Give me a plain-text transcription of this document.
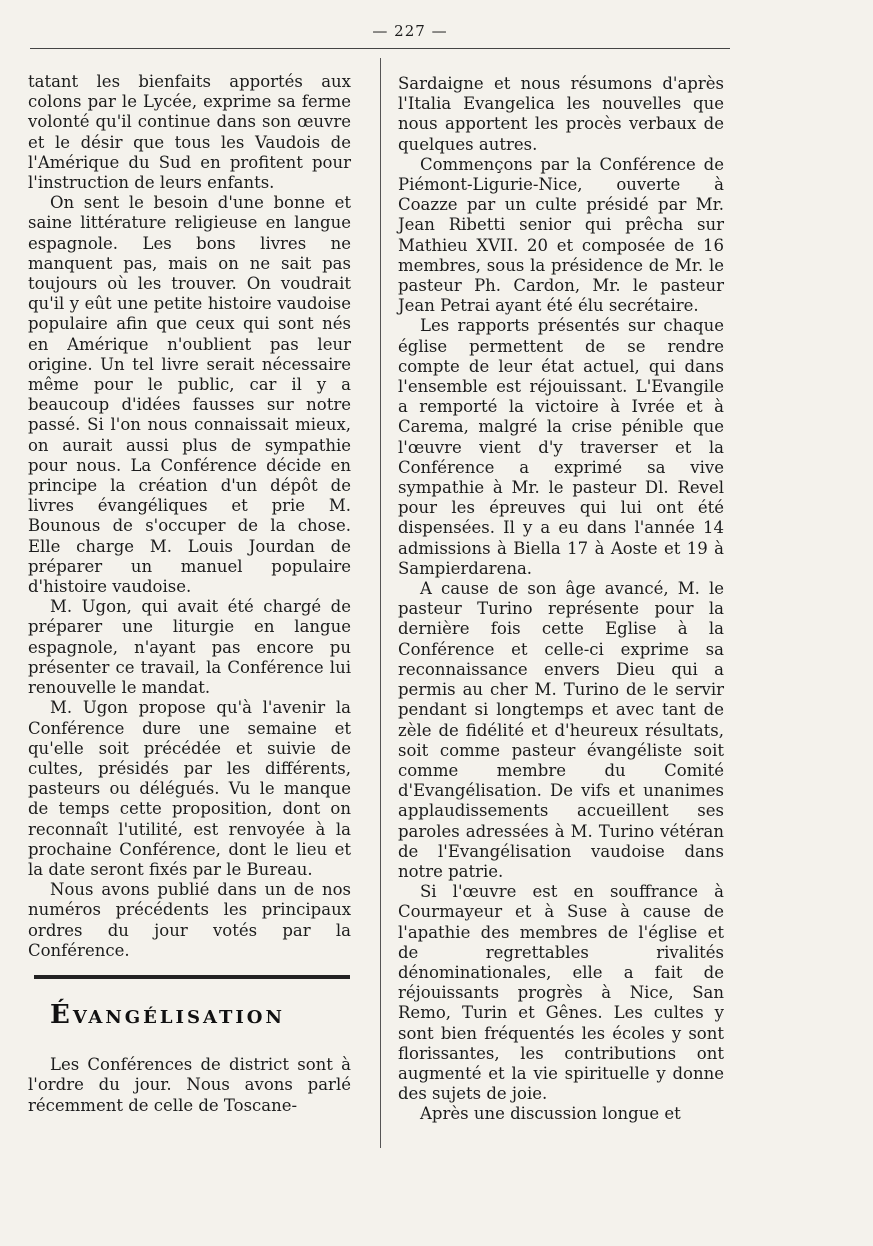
— 227 —

tatant les bienfaits apportés aux colons par le Lycée, exprime sa ferme volonté qu'il continue dans son œuvre et le désir que tous les Vaudois de l'Amérique du Sud en profitent pour l'instruction de leurs enfants.

On sent le besoin d'une bonne et saine littérature religieuse en langue espagnole. Les bons livres ne manquent pas, mais on ne sait pas toujours où les trouver. On voudrait qu'il y eût une petite histoire vaudoise populaire afin que ceux qui sont nés en Amérique n'oublient pas leur origine. Un tel livre serait nécessaire même pour le public, car il y a beaucoup d'idées fausses sur notre passé. Si l'on nous connaissait mieux, on aurait aussi plus de sympathie pour nous. La Conférence décide en principe la création d'un dépôt de livres évangéliques et prie M. Bounous de s'occuper de la chose. Elle charge M. Louis Jourdan de préparer un manuel populaire d'histoire vaudoise.

M. Ugon, qui avait été chargé de préparer une liturgie en langue espagnole, n'ayant pas encore pu présenter ce travail, la Conférence lui renouvelle le mandat.

M. Ugon propose qu'à l'avenir la Conférence dure une semaine et qu'elle soit précédée et suivie de cultes, présidés par les différents, pasteurs ou délégués. Vu le manque de temps cette proposition, dont on reconnaît l'utilité, est renvoyée à la prochaine Conférence, dont le lieu et la date seront fixés par le Bureau.

Nous avons publié dans un de nos numéros précédents les principaux ordres du jour votés par la Conférence.

Évangélisation

Les Conférences de district sont à l'ordre du jour. Nous avons parlé récemment de celle de Toscane-

Sardaigne et nous résumons d'après l'Italia Evangelica les nouvelles que nous apportent les procès verbaux de quelques autres.

Commençons par la Conférence de Piémont-Ligurie-Nice, ouverte à Coazze par un culte présidé par Mr. Jean Ribetti senior qui prêcha sur Mathieu XVII. 20 et composée de 16 membres, sous la présidence de Mr. le pasteur Ph. Cardon, Mr. le pasteur Jean Petrai ayant été élu secrétaire.

Les rapports présentés sur chaque église permettent de se rendre compte de leur état actuel, qui dans l'ensemble est réjouissant. L'Evangile a remporté la victoire à Ivrée et à Carema, malgré la crise pénible que l'œuvre vient d'y traverser et la Conférence a exprimé sa vive sympathie à Mr. le pasteur Dl. Revel pour les épreuves qui lui ont été dispensées. Il y a eu dans l'année 14 admissions à Biella 17 à Aoste et 19 à Sampierdarena.

A cause de son âge avancé, M. le pasteur Turino représente pour la dernière fois cette Eglise à la Conférence et celle-ci exprime sa reconnaissance envers Dieu qui a permis au cher M. Turino de le servir pendant si longtemps et avec tant de zèle de fidélité et d'heureux résultats, soit comme pasteur évangéliste soit comme membre du Comité d'Evangélisation. De vifs et unanimes applaudissements accueillent ses paroles adressées à M. Turino vétéran de l'Evangélisation vaudoise dans notre patrie.

Si l'œuvre est en souffrance à Courmayeur et à Suse à cause de l'apathie des membres de l'église et de regrettables rivalités dénominationales, elle a fait de réjouissants progrès à Nice, San Remo, Turin et Gênes. Les cultes y sont bien fréquentés les écoles y sont florissantes, les contributions ont augmenté et la vie spirituelle y donne des sujets de joie.

Après une discussion longue et
